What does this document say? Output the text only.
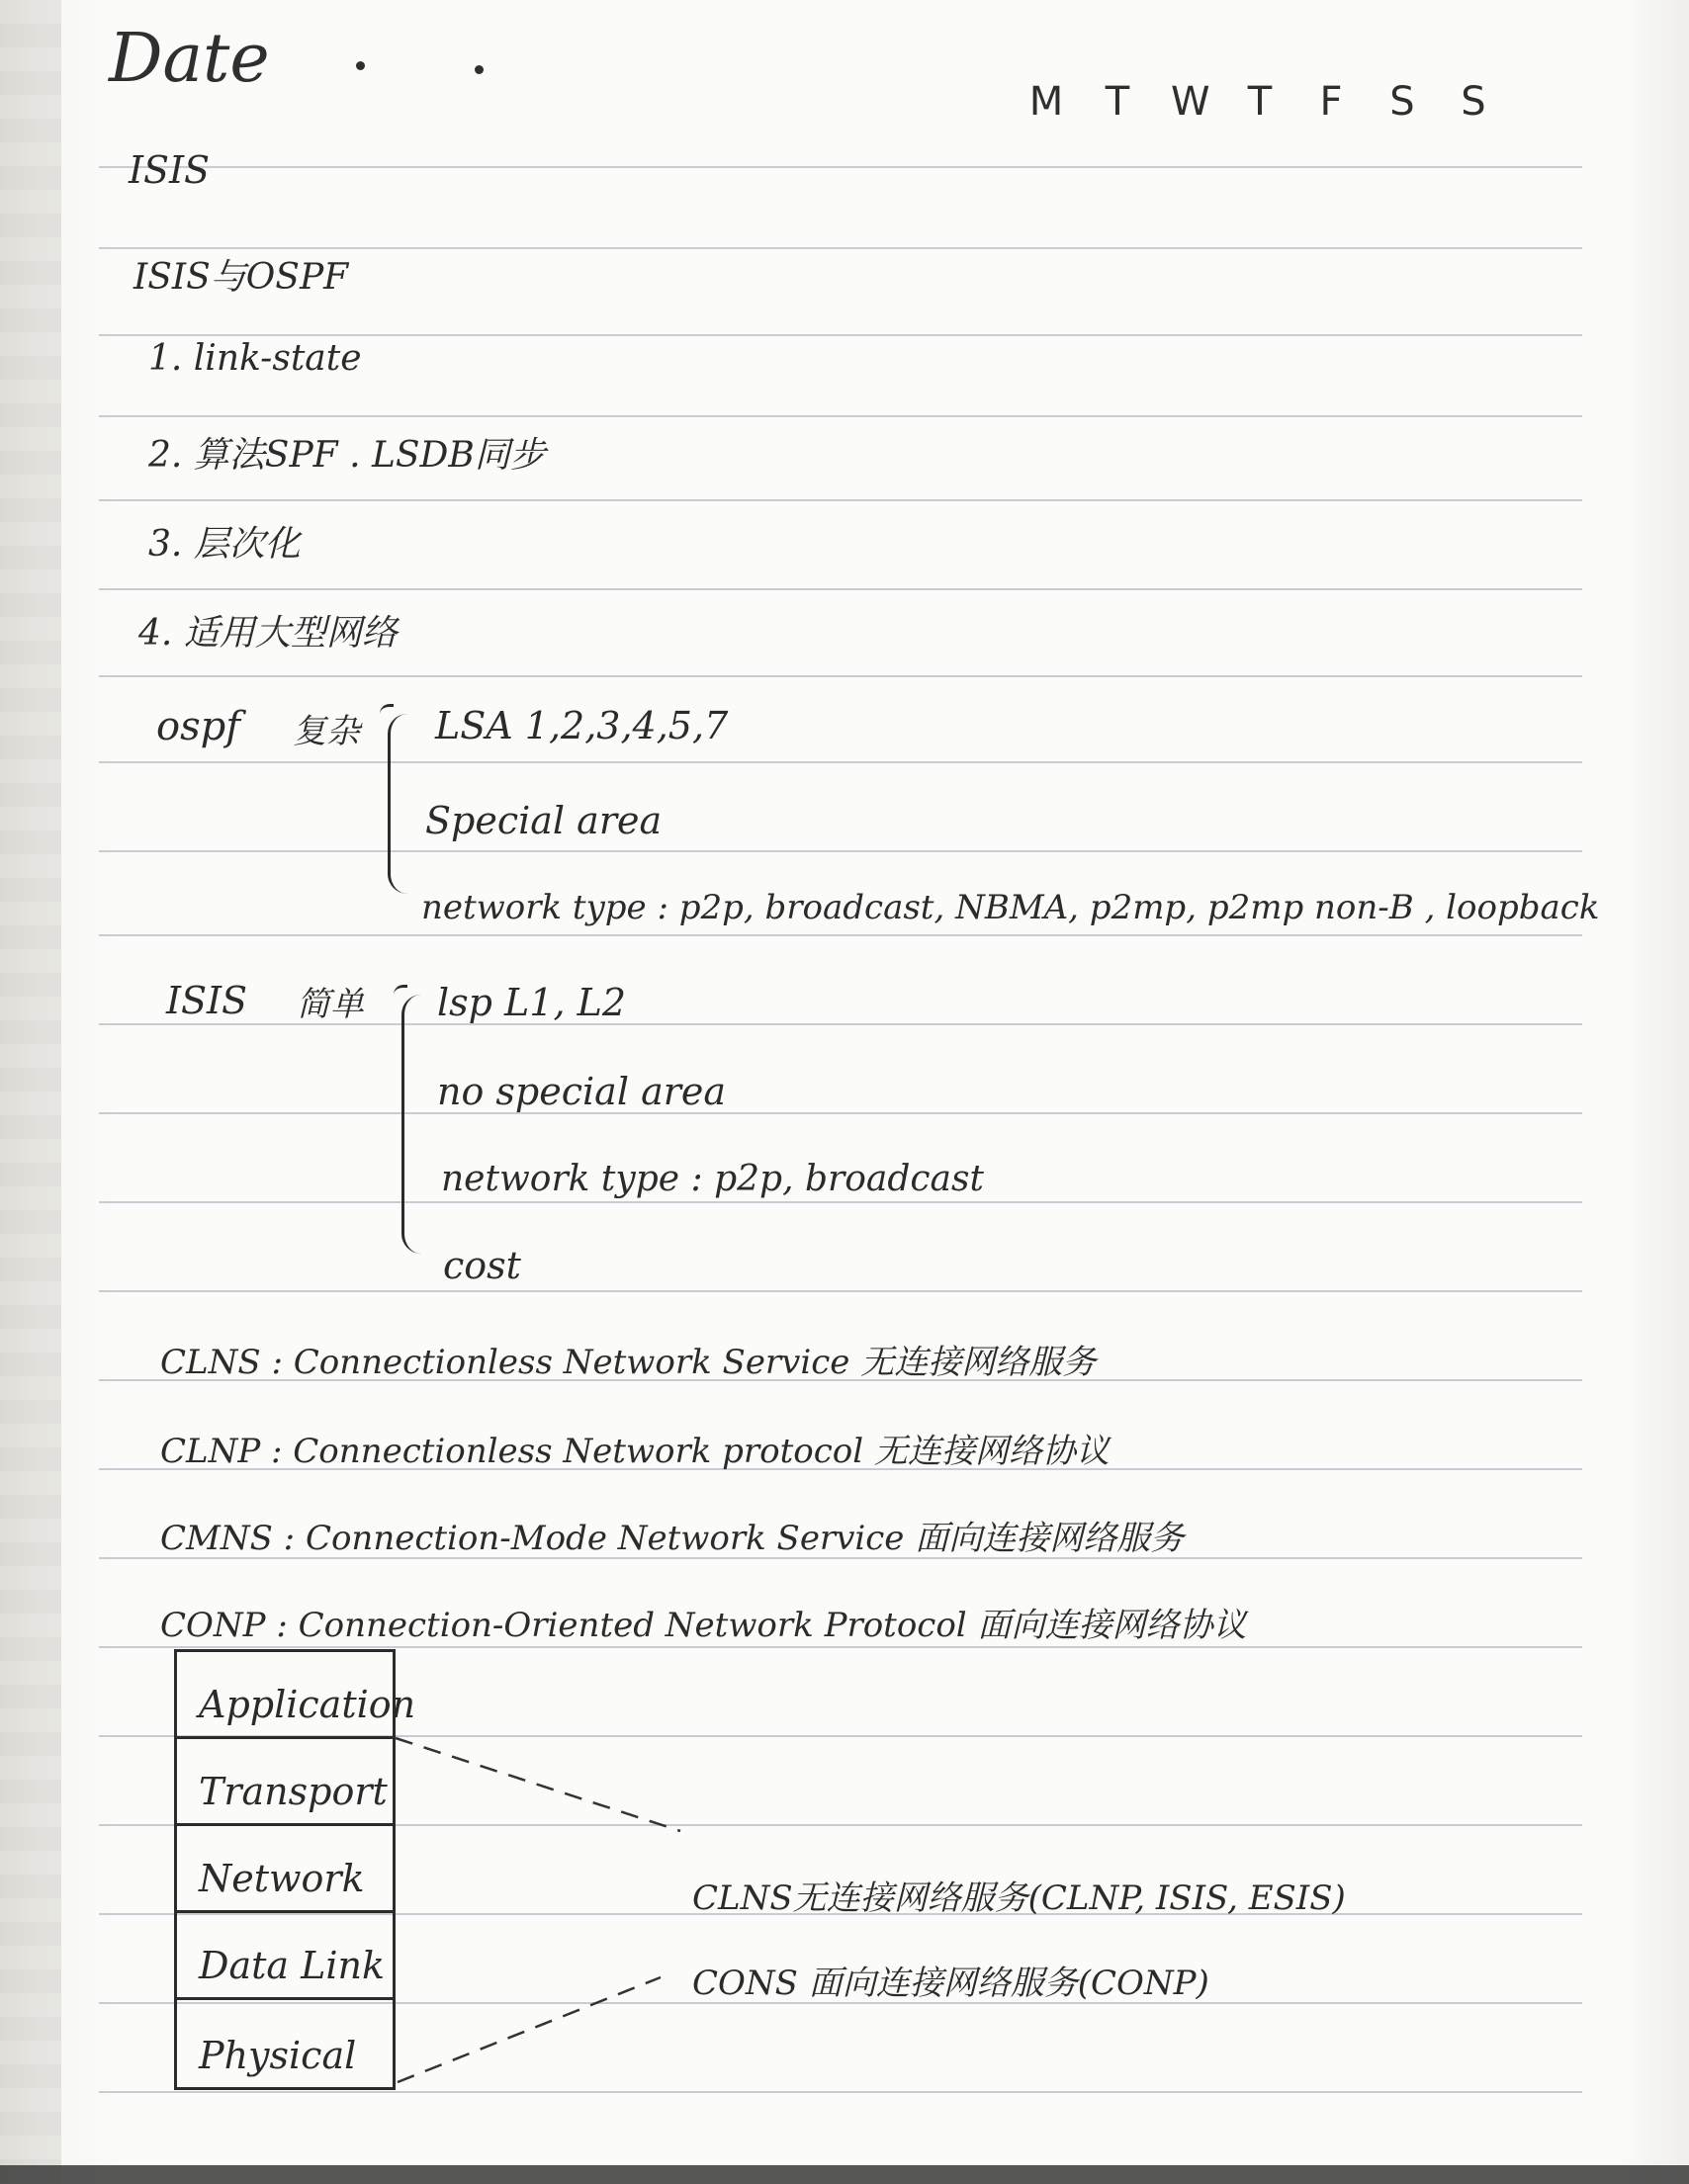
Date
M T W T F S S
ISIS
ISIS与OSPF
1. link-state
2. 算法SPF . LSDB同步
3. 层次化
4. 适用大型网络
ospf 复杂 LSA 1,2,3,4,5,7
Special area
network type : p2p, broadcast, NBMA, p2mp, p2mp non-B , loopback
ISIS 简单 lsp L1, L2
no special area
network type : p2p, broadcast
cost
CLNS : Connectionless Network Service 无连接网络服务
CLNP : Connectionless Network protocol 无连接网络协议
CMNS : Connection-Mode Network Service 面向连接网络服务
CONP : Connection-Oriented Network Protocol 面向连接网络协议
Application
Transport
Network
Data Link
Physical
CLNS无连接网络服务(CLNP, ISIS, ESIS)
CONS 面向连接网络服务(CONP)
